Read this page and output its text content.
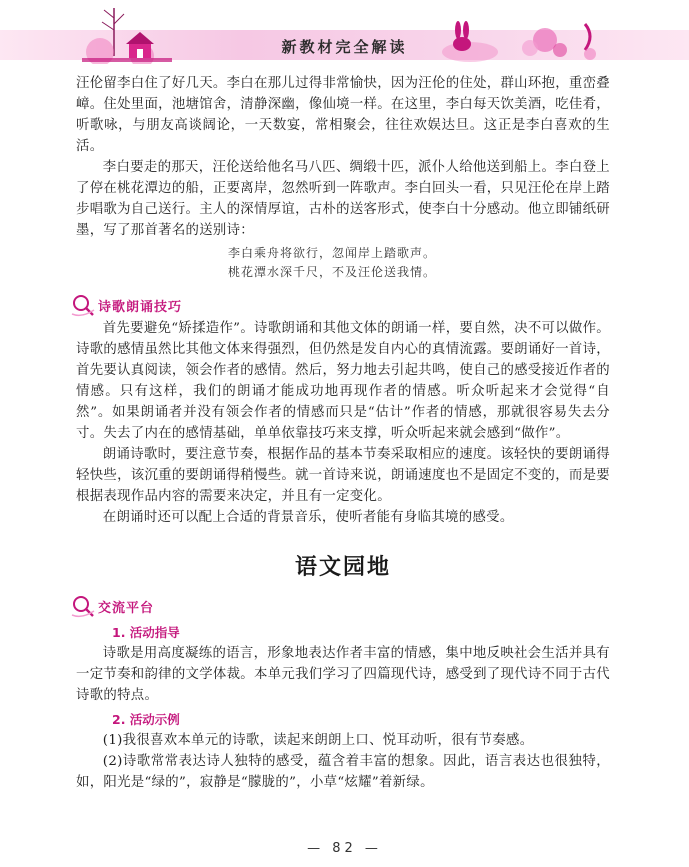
新教材完全解读

汪伦留李白住了好几天。李白在那儿过得非常愉快，因为汪伦的住处，群山环抱，重峦叠嶂。住处里面，池塘馆舍，清静深幽，像仙境一样。在这里，李白每天饮美酒，吃佳肴，听歌咏，与朋友高谈阔论，一天数宴，常相聚会，往往欢娱达旦。这正是李白喜欢的生活。

李白要走的那天，汪伦送给他名马八匹、绸缎十匹，派仆人给他送到船上。李白登上了停在桃花潭边的船，正要离岸，忽然听到一阵歌声。李白回头一看，只见汪伦在岸上踏步唱歌为自己送行。主人的深情厚谊，古朴的送客形式，使李白十分感动。他立即铺纸研墨，写了那首著名的送别诗：

李白乘舟将欲行，忽闻岸上踏歌声。
桃花潭水深千尺，不及汪伦送我情。
诗歌朗诵技巧

首先要避免“矫揉造作”。诗歌朗诵和其他文体的朗诵一样，要自然，决不可以做作。诗歌的感情虽然比其他文体来得强烈，但仍然是发自内心的真情流露。要朗诵好一首诗，首先要认真阅读，领会作者的感情。然后，努力地去引起共鸣，使自己的感受接近作者的情感。只有这样，我们的朗诵才能成功地再现作者的情感。听众听起来才会觉得“自然”。如果朗诵者并没有领会作者的情感而只是“估计”作者的情感，那就很容易失去分寸。失去了内在的感情基础，单单依靠技巧来支撑，听众听起来就会感到“做作”。

朗诵诗歌时，要注意节奏，根据作品的基本节奏采取相应的速度。该轻快的要朗诵得轻快些，该沉重的要朗诵得稍慢些。就一首诗来说，朗诵速度也不是固定不变的，而是要根据表现作品内容的需要来决定，并且有一定变化。

在朗诵时还可以配上合适的背景音乐，使听者能有身临其境的感受。

语文园地
交流平台
1. 活动指导

诗歌是用高度凝练的语言，形象地表达作者丰富的情感，集中地反映社会生活并具有一定节奏和韵律的文学体裁。本单元我们学习了四篇现代诗，感受到了现代诗不同于古代诗歌的特点。

2. 活动示例

(1)我很喜欢本单元的诗歌，读起来朗朗上口、悦耳动听，很有节奏感。

(2)诗歌常常表达诗人独特的感受，蕴含着丰富的想象。因此，语言表达也很独特，如，阳光是“绿的”，寂静是“朦胧的”，小草“炫耀”着新绿。

— 82 —
